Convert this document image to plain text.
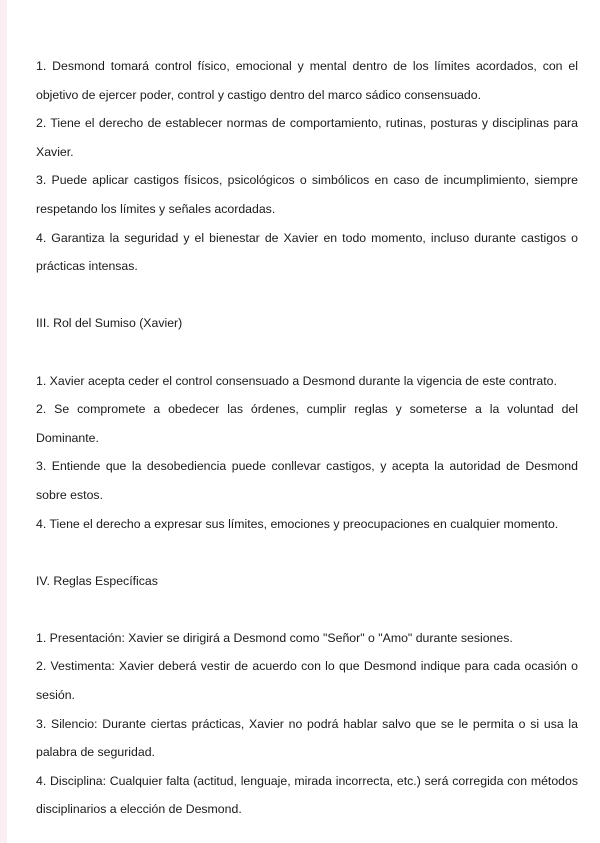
1. Desmond tomará control físico, emocional y mental dentro de los límites acordados, con el objetivo de ejercer poder, control y castigo dentro del marco sádico consensuado.

2. Tiene el derecho de establecer normas de comportamiento, rutinas, posturas y disciplinas para Xavier.

3. Puede aplicar castigos físicos, psicológicos o simbólicos en caso de incumplimiento, siempre respetando los límites y señales acordadas.

4. Garantiza la seguridad y el bienestar de Xavier en todo momento, incluso durante castigos o prácticas intensas.

III. Rol del Sumiso (Xavier)

1. Xavier acepta ceder el control consensuado a Desmond durante la vigencia de este contrato.

2. Se compromete a obedecer las órdenes, cumplir reglas y someterse a la voluntad del Dominante.

3. Entiende que la desobediencia puede conllevar castigos, y acepta la autoridad de Desmond sobre estos.

4. Tiene el derecho a expresar sus límites, emociones y preocupaciones en cualquier momento.

IV. Reglas Específicas

1. Presentación: Xavier se dirigirá a Desmond como "Señor" o "Amo" durante sesiones.

2. Vestimenta: Xavier deberá vestir de acuerdo con lo que Desmond indique para cada ocasión o sesión.

3. Silencio: Durante ciertas prácticas, Xavier no podrá hablar salvo que se le permita o si usa la palabra de seguridad.

4. Disciplina: Cualquier falta (actitud, lenguaje, mirada incorrecta, etc.) será corregida con métodos disciplinarios a elección de Desmond.
